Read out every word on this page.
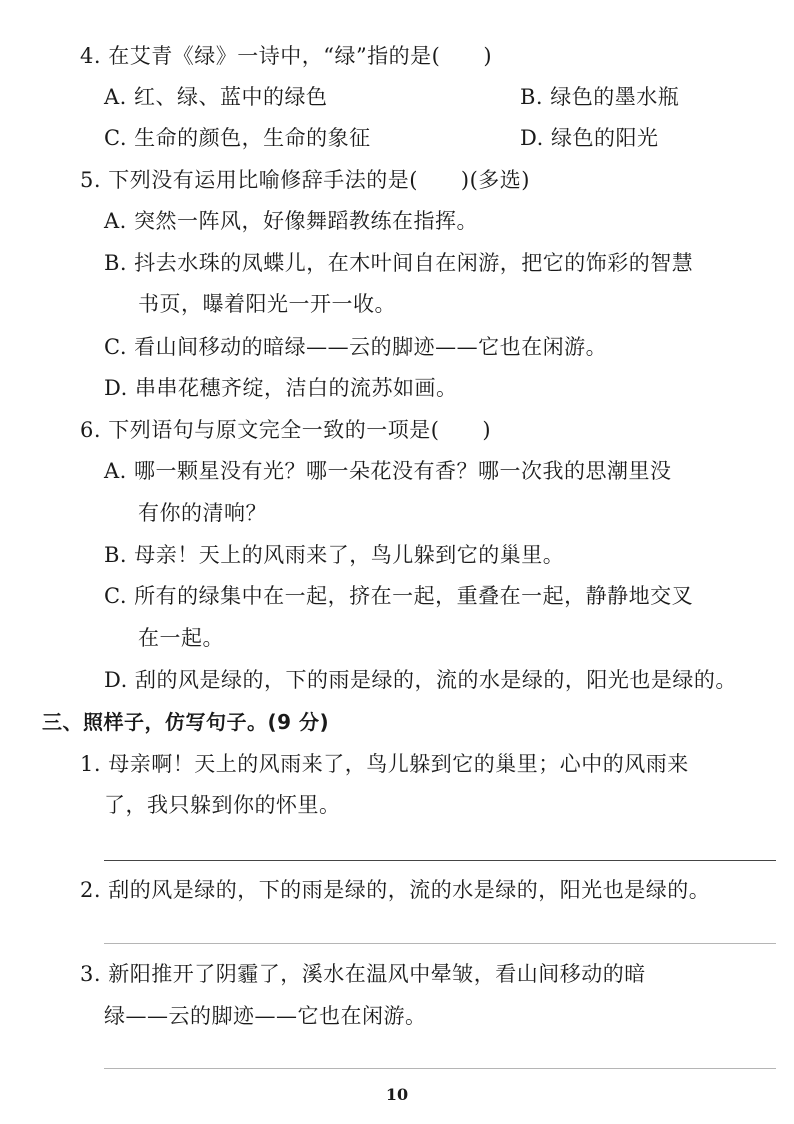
4. 在艾青《绿》一诗中，“绿”指的是(　　)
A. 红、绿、蓝中的绿色	B. 绿色的墨水瓶
C. 生命的颜色，生命的象征	D. 绿色的阳光
5. 下列没有运用比喻修辞手法的是(　　)(多选)
A. 突然一阵风，好像舞蹈教练在指挥。
B. 抖去水珠的凤蝶儿，在木叶间自在闲游，把它的饰彩的智慧
书页，曝着阳光一开一收。
C. 看山间移动的暗绿——云的脚迹——它也在闲游。
D. 串串花穗齐绽，洁白的流苏如画。
6. 下列语句与原文完全一致的一项是(　　)
A. 哪一颗星没有光？哪一朵花没有香？哪一次我的思潮里没
有你的清响？
B. 母亲！天上的风雨来了，鸟儿躲到它的巢里。
C. 所有的绿集中在一起，挤在一起，重叠在一起，静静地交叉
在一起。
D. 刮的风是绿的，下的雨是绿的，流的水是绿的，阳光也是绿的。
三、照样子，仿写句子。(9 分)
1. 母亲啊！天上的风雨来了，鸟儿躲到它的巢里；心中的风雨来
了，我只躲到你的怀里。
2. 刮的风是绿的，下的雨是绿的，流的水是绿的，阳光也是绿的。
3. 新阳推开了阴霾了，溪水在温风中晕皱，看山间移动的暗
绿——云的脚迹——它也在闲游。
10
